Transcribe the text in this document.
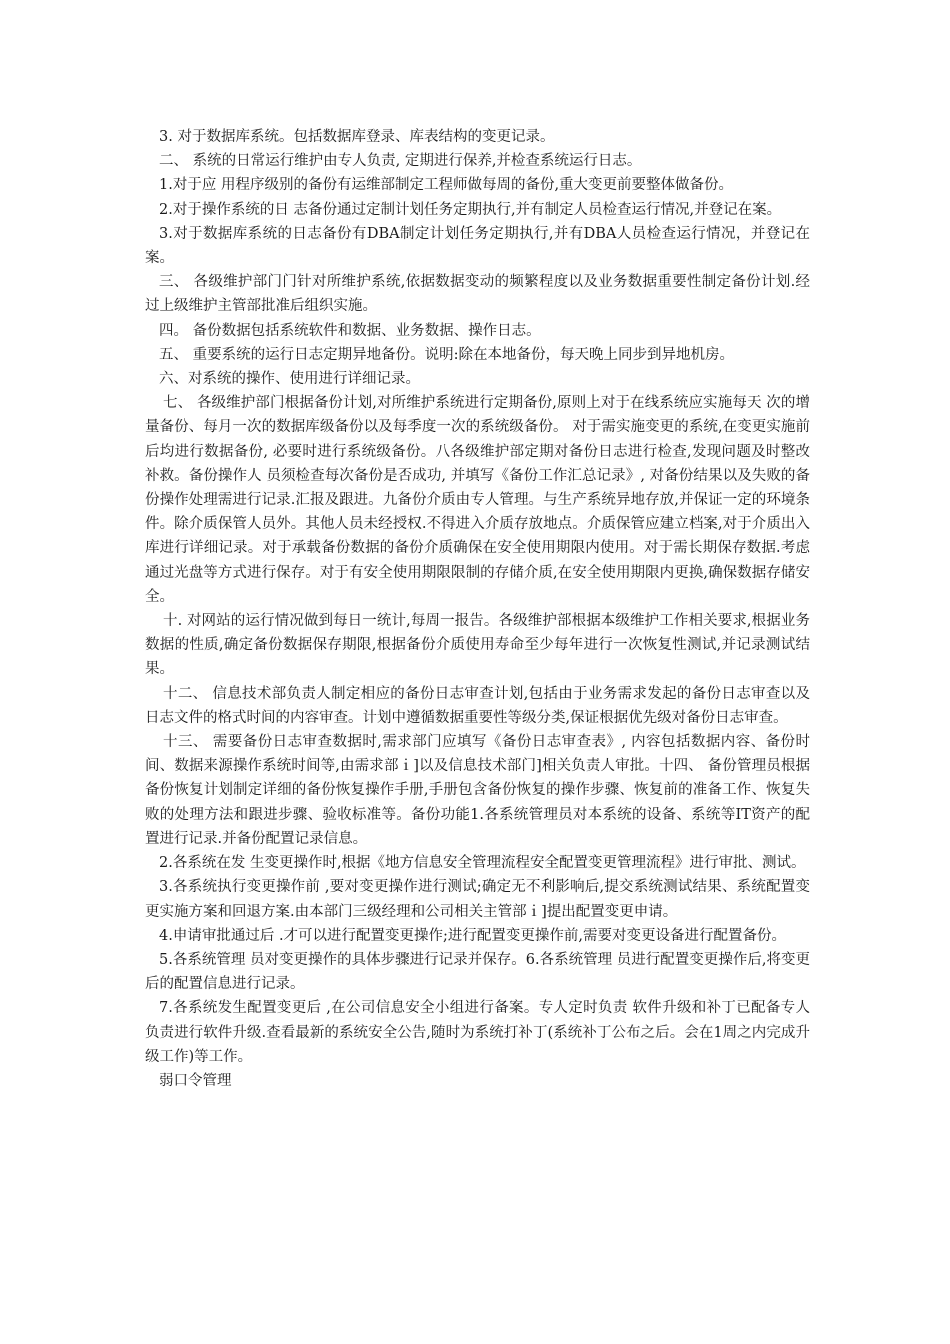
3. 对于数据库系统。包括数据库登录、库表结构的变更记录。

二、 系统的日常运行维护由专人负责, 定期进行保养,并检查系统运行日志。

1.对于应 用程序级别的备份有运维部制定工程师做每周的备份,重大变更前要整体做备份。

2.对于操作系统的日 志备份通过定制计划任务定期执行,并有制定人员检查运行情况,并登记在案。

3.对于数据库系统的日志备份有DBA制定计划任务定期执行,并有DBA人员检查运行情况，并登记在案。

三、 各级维护部门门针对所维护系统,依据数据变动的频繁程度以及业务数据重要性制定备份计划.经过上级维护主管部批准后组织实施。

四。 备份数据包括系统软件和数据、业务数据、操作日志。

五、 重要系统的运行日志定期异地备份。说明:除在本地备份，每天晚上同步到异地机房。

六、对系统的操作、使用进行详细记录。

七、 各级维护部门根据备份计划,对所维护系统进行定期备份,原则上对于在线系统应实施每天 次的增量备份、每月一次的数据库级备份以及每季度一次的系统级备份。 对于需实施变更的系统,在变更实施前后均进行数据备份, 必要时进行系统级备份。八各级维护部定期对备份日志进行检查,发现问题及时整改补救。备份操作人 员须检查每次备份是否成功, 并填写《备份工作汇总记录》, 对备份结果以及失败的备份操作处理需进行记录.汇报及跟进。九备份介质由专人管理。与生产系统异地存放,并保证一定的环境条件。除介质保管人员外。其他人员未经授权.不得进入介质存放地点。介质保管应建立档案,对于介质出入库进行详细记录。对于承载备份数据的备份介质确保在安全使用期限内使用。对于需长期保存数据.考虑通过光盘等方式进行保存。对于有安全使用期限限制的存储介质,在安全使用期限内更换,确保数据存储安全。

十. 对网站的运行情况做到每日一统计,每周一报告。各级维护部根据本级维护工作相关要求,根据业务数据的性质,确定备份数据保存期限,根据备份介质使用寿命至少每年进行一次恢复性测试,并记录测试结果。

十二、 信息技术部负责人制定相应的备份日志审查计划,包括由于业务需求发起的备份日志审查以及日志文件的格式时间的内容审查。计划中遵循数据重要性等级分类,保证根据优先级对备份日志审查。

十三、 需要备份日志审查数据时,需求部门应填写《备份日志审查表》, 内容包括数据内容、备份时间、数据来源操作系统时间等,由需求部ｉ]以及信息技术部门]相关负责人审批。十四、 备份管理员根据备份恢复计划制定详细的备份恢复操作手册,手册包含备份恢复的操作步骤、恢复前的准备工作、恢复失败的处理方法和跟进步骤、验收标准等。备份功能1.各系统管理员对本系统的设备、系统等IT资产的配置进行记录.并备份配置记录信息。

2.各系统在发 生变更操作时,根据《地方信息安全管理流程安全配置变更管理流程》进行审批、测试。

3.各系统执行变更操作前 ,要对变更操作进行测试;确定无不利影响后,提交系统测试结果、系统配置变更实施方案和回退方案.由本部门三级经理和公司相关主管部ｉ]提出配置变更申请。

4.申请审批通过后 .才可以进行配置变更操作;进行配置变更操作前,需要对变更设备进行配置备份。

5.各系统管理 员对变更操作的具体步骤进行记录并保存。6.各系统管理 员进行配置变更操作后,将变更后的配置信息进行记录。

7.各系统发生配置变更后 ,在公司信息安全小组进行备案。专人定时负责 软件升级和补丁已配备专人负责进行软件升级.查看最新的系统安全公告,随时为系统打补丁(系统补丁公布之后。会在1周之内完成升级工作)等工作。

弱口令管理
